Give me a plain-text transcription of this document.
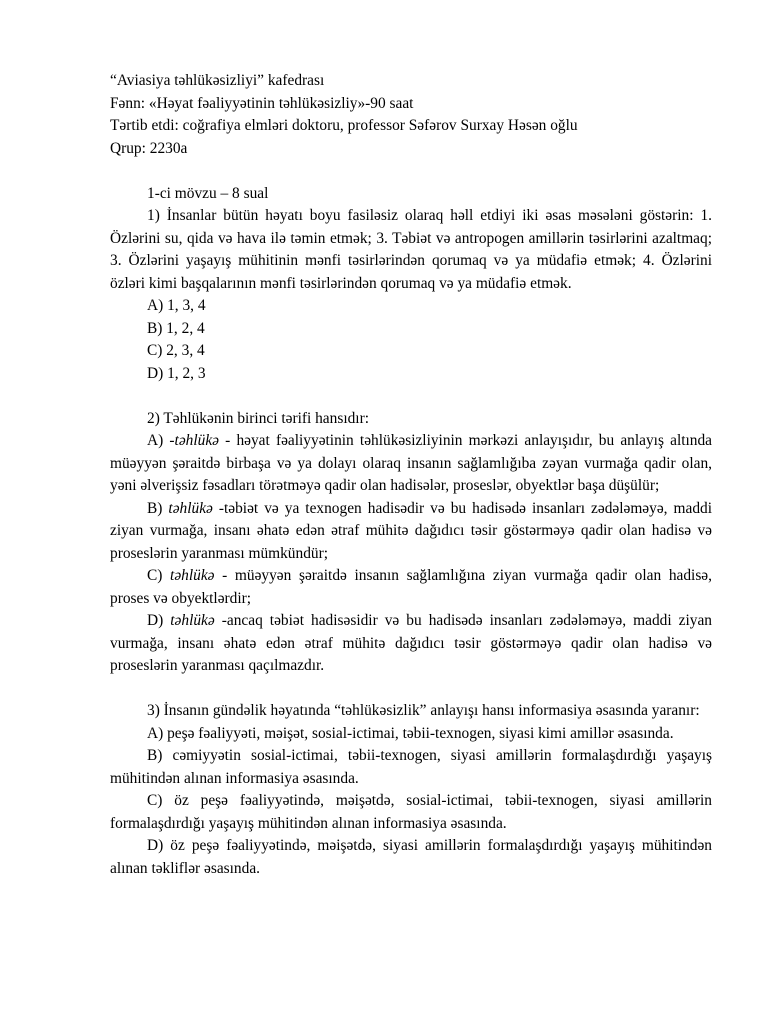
“Aviasiya təhlükəsizliyi” kafedrası
Fənn: «Həyat fəaliyyətinin təhlükəsizliy»-90 saat
Tərtib etdi: coğrafiya elmləri doktoru, professor Səfərov Surxay Həsən oğlu
Qrup: 2230a
1-ci mövzu – 8 sual

1) İnsanlar bütün həyatı boyu fasiləsiz olaraq həll etdiyi iki əsas məsələni göstərin: 1. Özlərini su, qida və hava ilə təmin etmək; 3. Təbiət və antropogen amillərin təsirlərini azaltmaq; 3. Özlərini yaşayış mühitinin mənfi təsirlərindən qorumaq və ya müdafiə etmək; 4. Özlərini özləri kimi başqalarının mənfi təsirlərindən qorumaq və ya müdafiə etmək.

A) 1, 3, 4
B) 1, 2, 4
C) 2, 3, 4
D) 1, 2, 3

2) Təhlükənin birinci tərifi hansıdır:

A) -təhlükə - həyat fəaliyyətinin təhlükəsizliyinin mərkəzi anlayışıdır, bu anlayış altında müəyyən şəraitdə birbaşa və ya dolayı olaraq insanın sağlamlığıba zəyan vurmağa qadir olan, yəni əlverişsiz fəsadları törətməyə qadir olan hadisələr, proseslər, obyektlər başa düşülür;

B) təhlükə -təbiət və ya texnogen hadisədir və bu hadisədə insanları zədələməyə, maddi ziyan vurmağa, insanı əhatə edən ətraf mühitə dağıdıcı təsir göstərməyə qadir olan hadisə və proseslərin yaranması mümkündür;

C) təhlükə - müəyyən şəraitdə insanın sağlamlığına ziyan vurmağa qadir olan hadisə, proses və obyektlərdir;

D) təhlükə -ancaq təbiət hadisəsidir və bu hadisədə insanları zədələməyə, maddi ziyan vurmağa, insanı əhatə edən ətraf mühitə dağıdıcı təsir göstərməyə qadir olan hadisə və proseslərin yaranması qaçılmazdır.

3) İnsanın gündəlik həyatında “təhlükəsizlik” anlayışı hansı informasiya əsasında yaranır:

A) peşə fəaliyyəti, məişət, sosial-ictimai, təbii-texnogen, siyasi kimi amillər əsasında.

B) cəmiyyətin sosial-ictimai, təbii-texnogen, siyasi amillərin formalaşdırdığı yaşayış mühitindən alınan informasiya əsasında.

C) öz peşə fəaliyyətində, məişətdə, sosial-ictimai, təbii-texnogen, siyasi amillərin formalaşdırdığı yaşayış mühitindən alınan informasiya əsasında.

D) öz peşə fəaliyyətində, məişətdə, siyasi amillərin formalaşdırdığı yaşayış mühitindən alınan təkliflər əsasında.
